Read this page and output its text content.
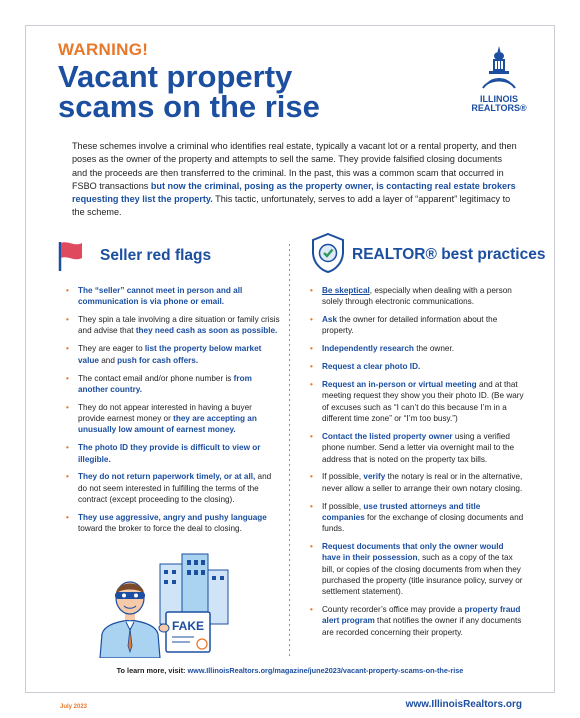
WARNING!
Vacant property
scams on the rise	ILLINOIS
REALTORS®

These schemes involve a criminal who identifies real estate, typically a vacant lot or a rental property, and then poses as the owner of the property and attempts to sell the same. They provide falsified closing documents and the proceeds are then transferred to the criminal. In the past, this was a common scam that occurred in FSBO transactions but now the criminal, posing as the property owner, is contacting real estate brokers requesting they list the property. This tactic, unfortunately, serves to add a layer of “apparent” legitimacy to the scheme.

Seller red flags	REALTOR® best practices
• The “seller” cannot meet in person and all communication is via phone or email.
• They spin a tale involving a dire situation or family crisis and advise that they need cash as soon as possible.
• They are eager to list the property below market value and push for cash offers.
• The contact email and/or phone number is from another country.
• They do not appear interested in having a buyer provide earnest money or they are accepting an unusually low amount of earnest money.
• The photo ID they provide is difficult to view or illegible.
• They do not return paperwork timely, or at all, and do not seem interested in fulfilling the terms of the contract (except proceeding to the closing).
• They use aggressive, angry and pushy language toward the broker to force the deal to closing.
• Be skeptical, especially when dealing with a person solely through electronic communications.
• Ask the owner for detailed information about the property.
• Independently research the owner.
• Request a clear photo ID.
• Request an in-person or virtual meeting and at that meeting request they show you their photo ID. (Be wary of excuses such as “I can’t do this because I’m in a different time zone” or “I’m too busy.”)
• Contact the listed property owner using a verified phone number. Send a letter via overnight mail to the address that is noted on the property tax bills.
• If possible, verify the notary is real or in the alternative, never allow a seller to arrange their own notary closing.
• If possible, use trusted attorneys and title companies for the exchange of closing documents and funds.
• Request documents that only the owner would have in their possession, such as a copy of the tax bill, or copies of the closing documents from when they purchased the property (title insurance policy, survey or settlement statement).
• County recorder’s office may provide a property fraud alert program that notifies the owner if any documents are recorded concerning their property.
FAKE
To learn more, visit: www.IllinoisRealtors.org/magazine/june2023/vacant-property-scams-on-the-rise
July 2023	www.IllinoisRealtors.org
